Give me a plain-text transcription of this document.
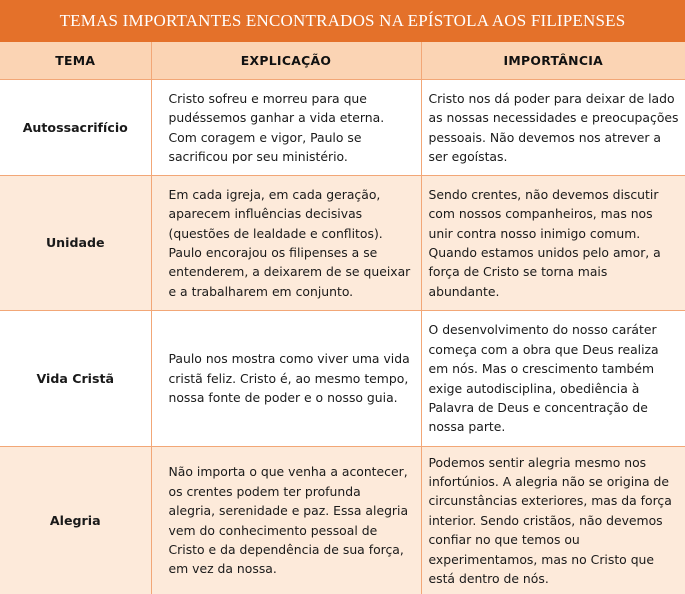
TEMAS IMPORTANTES ENCONTRADOS NA EPÍSTOLA AOS FILIPENSES
TEMA	EXPLICAÇÃO	IMPORTÂNCIA
Autossacrifício	Cristo sofreu e morreu para que pudéssemos ganhar a vida eterna. Com coragem e vigor, Paulo se sacrificou por seu ministério.	Cristo nos dá poder para deixar de lado as nossas necessidades e preocupações pessoais. Não devemos nos atrever a ser egoístas.
Unidade	Em cada igreja, em cada geração, aparecem influências decisivas (questões de lealdade e conflitos). Paulo encorajou os filipenses a se entenderem, a deixarem de se queixar e a trabalharem em conjunto.	Sendo crentes, não devemos discutir com nossos companheiros, mas nos unir contra nosso inimigo comum. Quando estamos unidos pelo amor, a força de Cristo se torna mais abundante.
Vida Cristã	Paulo nos mostra como viver uma vida cristã feliz. Cristo é, ao mesmo tempo, nossa fonte de poder e o nosso guia.	O desenvolvimento do nosso caráter começa com a obra que Deus realiza em nós. Mas o crescimento também exige autodisciplina, obediência à Palavra de Deus e concentração de nossa parte.
Alegria	Não importa o que venha a acontecer, os crentes podem ter profunda alegria, serenidade e paz. Essa alegria vem do conhecimento pessoal de Cristo e da dependência de sua força, em vez da nossa.	Podemos sentir alegria mesmo nos infortúnios. A alegria não se origina de circunstâncias exteriores, mas da força interior. Sendo cristãos, não devemos confiar no que temos ou experimentamos, mas no Cristo que está dentro de nós.
